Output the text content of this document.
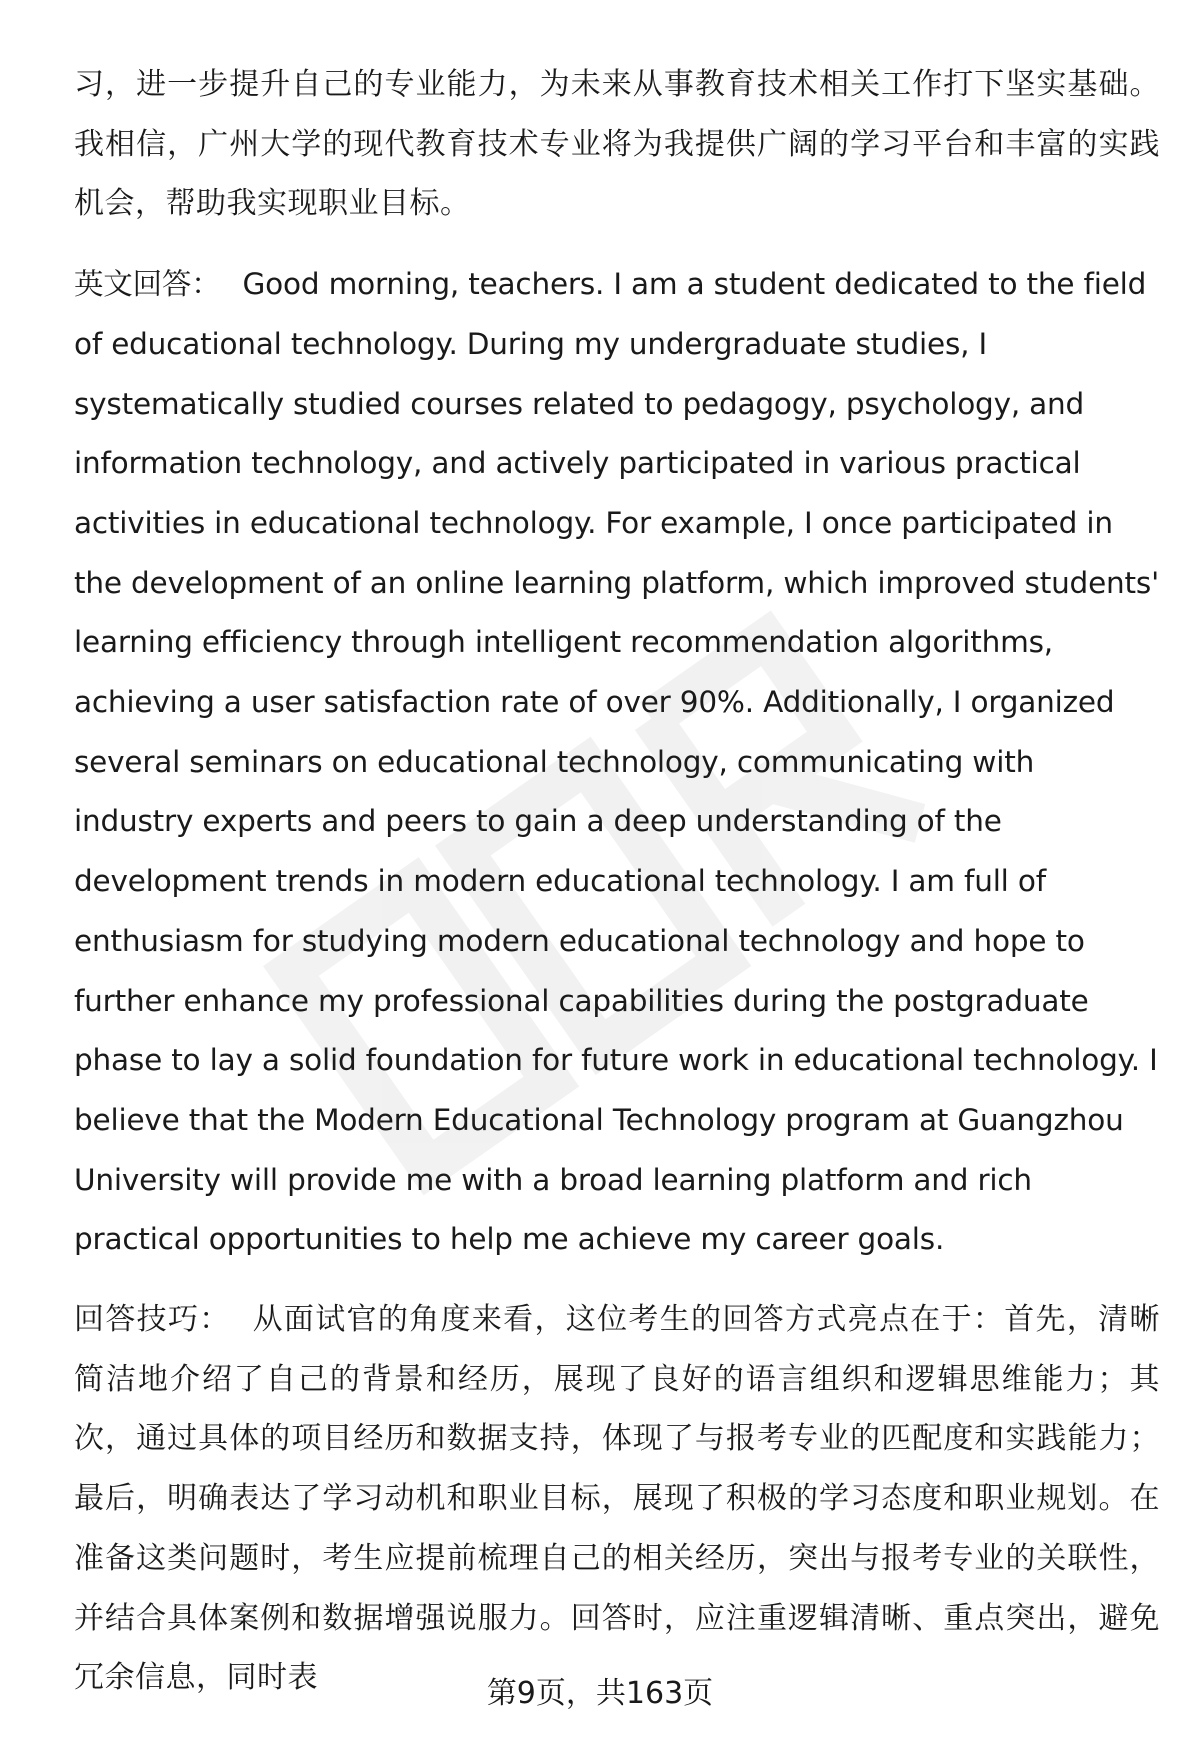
习，进一步提升自己的专业能力，为未来从事教育技术相关工作打下坚实基础。我相信，广州大学的现代教育技术专业将为我提供广阔的学习平台和丰富的实践机会，帮助我实现职业目标。

英文回答： Good morning, teachers. I am a student dedicated to the field of educational technology. During my undergraduate studies, I systematically studied courses related to pedagogy, psychology, and information technology, and actively participated in various practical activities in educational technology. For example, I once participated in the development of an online learning platform, which improved students' learning efficiency through intelligent recommendation algorithms, achieving a user satisfaction rate of over 90%. Additionally, I organized several seminars on educational technology, communicating with industry experts and peers to gain a deep understanding of the development trends in modern educational technology. I am full of enthusiasm for studying modern educational technology and hope to further enhance my professional capabilities during the postgraduate phase to lay a solid foundation for future work in educational technology. I believe that the Modern Educational Technology program at Guangzhou University will provide me with a broad learning platform and rich practical opportunities to help me achieve my career goals.

回答技巧： 从面试官的角度来看，这位考生的回答方式亮点在于：首先，清晰简洁地介绍了自己的背景和经历，展现了良好的语言组织和逻辑思维能力；其次，通过具体的项目经历和数据支持，体现了与报考专业的匹配度和实践能力；最后，明确表达了学习动机和职业目标，展现了积极的学习态度和职业规划。在准备这类问题时，考生应提前梳理自己的相关经历，突出与报考专业的关联性，并结合具体案例和数据增强说服力。回答时，应注重逻辑清晰、重点突出，避免冗余信息，同时表	第9页，共163页
